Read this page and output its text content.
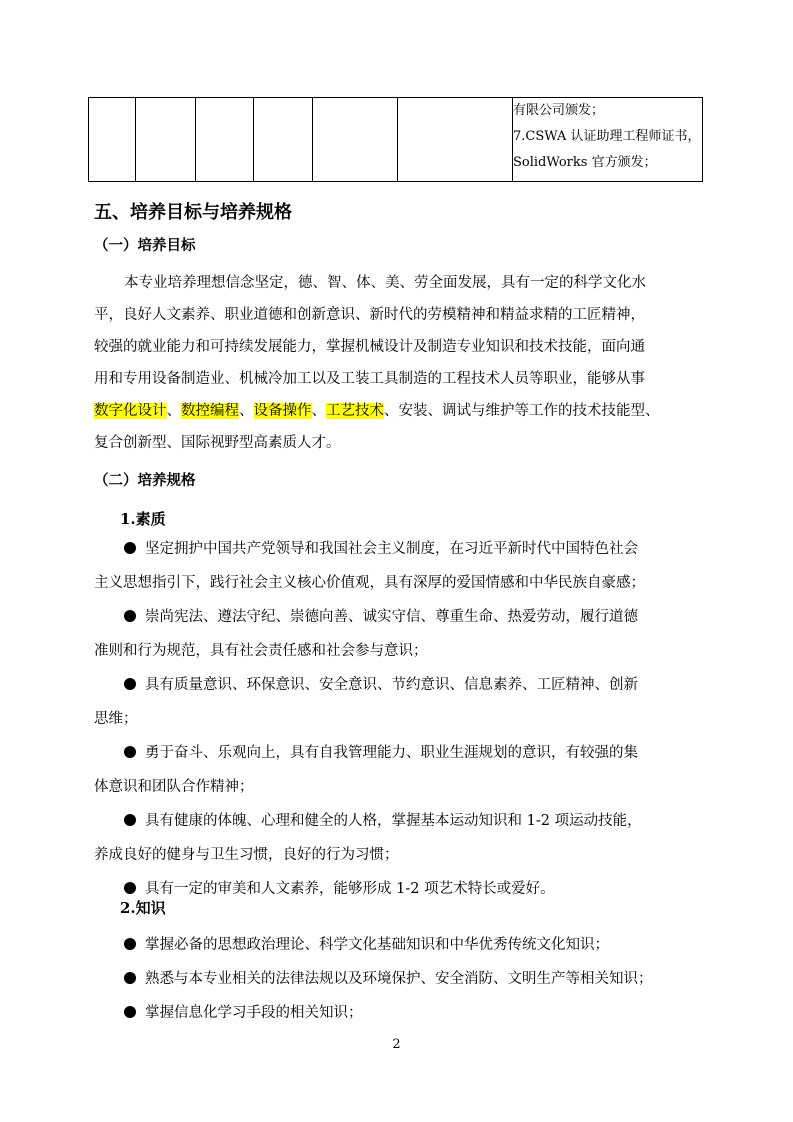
有限公司颁发；
7.CSWA 认证助理工程师证书，
SolidWorks 官方颁发；
五、培养目标与培养规格
（一）培养目标
本专业培养理想信念坚定，德、智、体、美、劳全面发展，具有一定的科学文化水
平，良好人文素养、职业道德和创新意识、新时代的劳模精神和精益求精的工匠精神，
较强的就业能力和可持续发展能力，掌握机械设计及制造专业知识和技术技能，面向通
用和专用设备制造业、机械冷加工以及工装工具制造的工程技术人员等职业，能够从事
数字化设计、数控编程、设备操作、工艺技术、安装、调试与维护等工作的技术技能型、
复合创新型、国际视野型高素质人才。
（二）培养规格
1.素质
坚定拥护中国共产党领导和我国社会主义制度，在习近平新时代中国特色社会
主义思想指引下，践行社会主义核心价值观，具有深厚的爱国情感和中华民族自豪感；
崇尚宪法、遵法守纪、崇德向善、诚实守信、尊重生命、热爱劳动，履行道德
准则和行为规范，具有社会责任感和社会参与意识；
具有质量意识、环保意识、安全意识、节约意识、信息素养、工匠精神、创新
思维；
勇于奋斗、乐观向上，具有自我管理能力、职业生涯规划的意识，有较强的集
体意识和团队合作精神；
具有健康的体魄、心理和健全的人格，掌握基本运动知识和 1-2 项运动技能，
养成良好的健身与卫生习惯，良好的行为习惯；
具有一定的审美和人文素养，能够形成 1-2 项艺术特长或爱好。
2.知识
掌握必备的思想政治理论、科学文化基础知识和中华优秀传统文化知识；
熟悉与本专业相关的法律法规以及环境保护、安全消防、文明生产等相关知识；
掌握信息化学习手段的相关知识；
2
